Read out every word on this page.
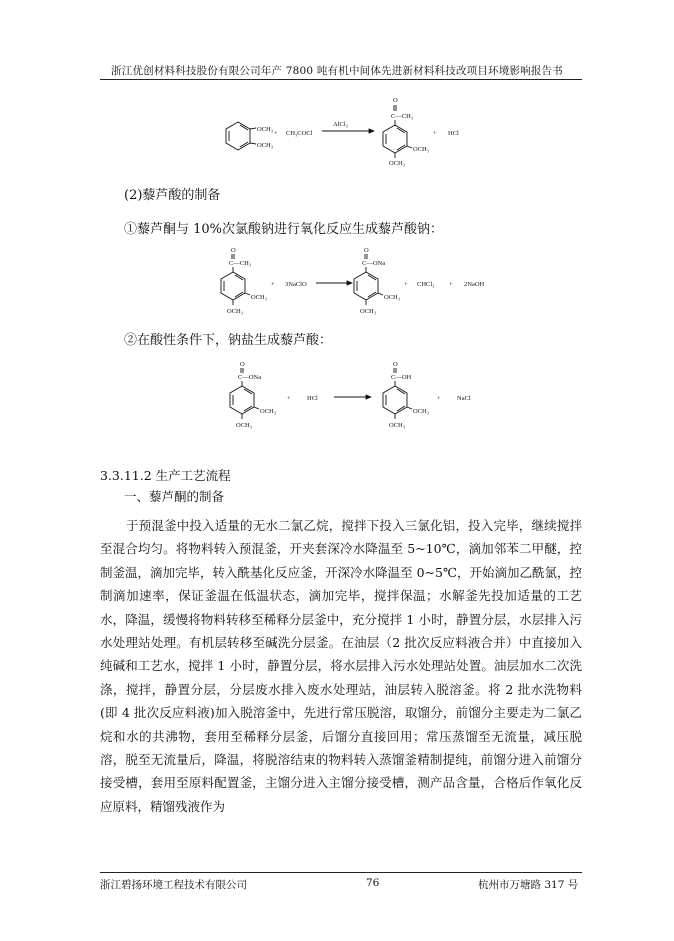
浙江优创材料科技股份有限公司年产 7800 吨有机中间体先进新材料科技改项目环境影响报告书
OCH₃
OCH₃
+ CH₃COCl
AlCl₃
O
C—CH₃
OCH₃
OCH₃
+ HCl
O
C—CH₃
OCH₃
OCH₃
+ 3NaClO
O
C—ONa
OCH₃
OCH₃
+ CHCl₃ + 2NaOH
O
C—ONa
OCH₃
OCH₃
+	HCl
O
C—OH
OCH₃
OCH₃
+	NaCl
(2)藜芦酸的制备
①藜芦酮与 10%次氯酸钠进行氧化反应生成藜芦酸钠：
②在酸性条件下，钠盐生成藜芦酸：
3.3.11.2 生产工艺流程
一、藜芦酮的制备

于预混釜中投入适量的无水二氯乙烷，搅拌下投入三氯化铝，投入完毕，继续搅拌至混合均匀。将物料转入预混釜，开夹套深冷水降温至 5~10℃，滴加邻苯二甲醚，控制釜温，滴加完毕，转入酰基化反应釜，开深冷水降温至 0~5℃，开始滴加乙酰氯，控制滴加速率，保证釜温在低温状态，滴加完毕，搅拌保温；水解釜先投加适量的工艺水，降温，缓慢将物料转移至稀释分层釜中，充分搅拌 1 小时，静置分层，水层排入污水处理站处理。有机层转移至碱洗分层釜。在油层（2 批次反应料液合并）中直接加入纯碱和工艺水，搅拌 1 小时，静置分层，将水层排入污水处理站处置。油层加水二次洗涤，搅拌，静置分层，分层废水排入废水处理站，油层转入脱溶釜。将 2 批水洗物料(即 4 批次反应料液)加入脱溶釜中，先进行常压脱溶，取馏分，前馏分主要走为二氯乙烷和水的共沸物，套用至稀释分层釜，后馏分直接回用；常压蒸馏至无流量，减压脱溶，脱至无流量后，降温，将脱溶结束的物料转入蒸馏釜精制提纯，前馏分进入前馏分接受槽，套用至原料配置釜，主馏分进入主馏分接受槽，测产品含量，合格后作氧化反应原料，精馏残液作为

浙江碧扬环境工程技术有限公司	76	杭州市万塘路 317 号
